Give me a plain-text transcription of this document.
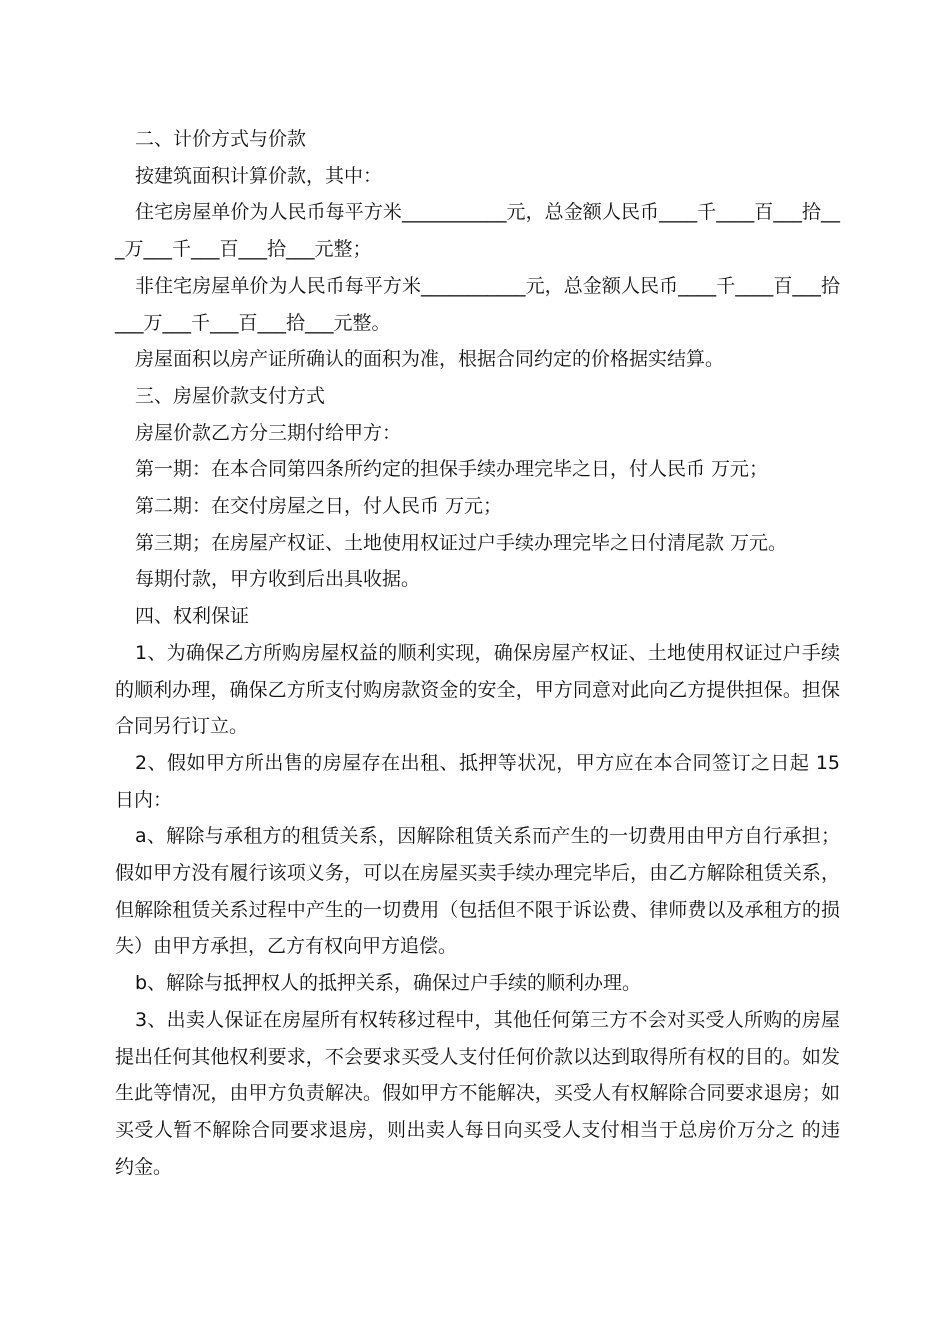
二、计价方式与价款

按建筑面积计算价款，其中：

住宅房屋单价为人民币每平方米___________元，总金额人民币____千____百___拾___万___千___百___拾___元整；

非住宅房屋单价为人民币每平方米___________元，总金额人民币____千____百___拾___万___千___百___拾___元整。

房屋面积以房产证所确认的面积为准，根据合同约定的价格据实结算。

三、房屋价款支付方式

房屋价款乙方分三期付给甲方：

第一期：在本合同第四条所约定的担保手续办理完毕之日，付人民币 万元；

第二期：在交付房屋之日，付人民币 万元；

第三期；在房屋产权证、土地使用权证过户手续办理完毕之日付清尾款 万元。

每期付款，甲方收到后出具收据。

四、权利保证

1、为确保乙方所购房屋权益的顺利实现，确保房屋产权证、土地使用权证过户手续的顺利办理，确保乙方所支付购房款资金的安全，甲方同意对此向乙方提供担保。担保合同另行订立。

2、假如甲方所出售的房屋存在出租、抵押等状况，甲方应在本合同签订之日起 15日内：

a、解除与承租方的租赁关系，因解除租赁关系而产生的一切费用由甲方自行承担；假如甲方没有履行该项义务，可以在房屋买卖手续办理完毕后，由乙方解除租赁关系，但解除租赁关系过程中产生的一切费用（包括但不限于诉讼费、律师费以及承租方的损失）由甲方承担，乙方有权向甲方追偿。

b、解除与抵押权人的抵押关系，确保过户手续的顺利办理。

3、出卖人保证在房屋所有权转移过程中，其他任何第三方不会对买受人所购的房屋提出任何其他权利要求，不会要求买受人支付任何价款以达到取得所有权的目的。如发生此等情况，由甲方负责解决。假如甲方不能解决，买受人有权解除合同要求退房；如买受人暂不解除合同要求退房，则出卖人每日向买受人支付相当于总房价万分之 的违约金。
